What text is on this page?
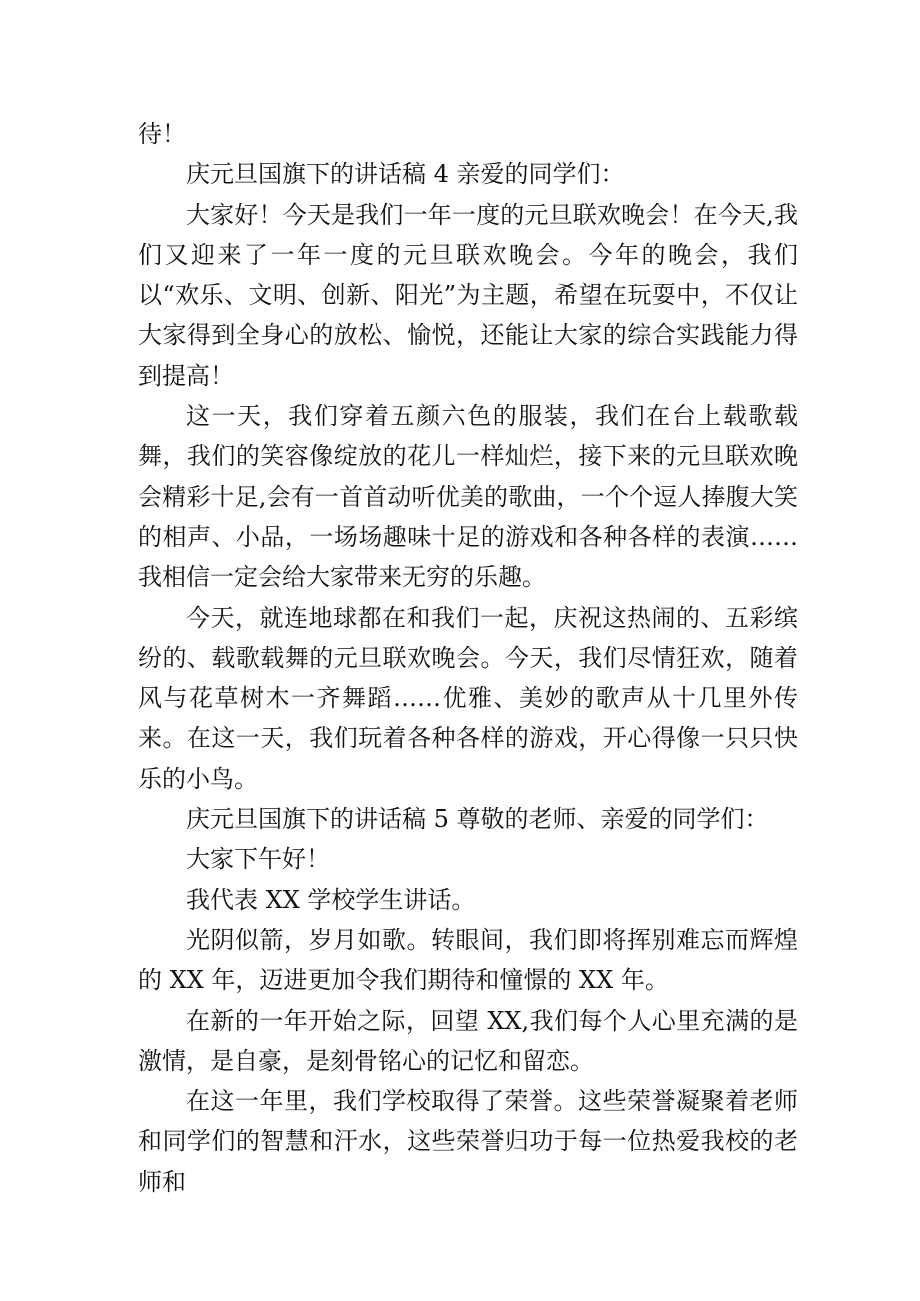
待！

庆元旦国旗下的讲话稿 4 亲爱的同学们：

大家好！今天是我们一年一度的元旦联欢晚会！在今天,我们又迎来了一年一度的元旦联欢晚会。今年的晚会，我们以“欢乐、文明、创新、阳光”为主题，希望在玩耍中，不仅让大家得到全身心的放松、愉悦，还能让大家的综合实践能力得到提高！

这一天，我们穿着五颜六色的服装，我们在台上载歌载舞，我们的笑容像绽放的花儿一样灿烂，接下来的元旦联欢晚会精彩十足,会有一首首动听优美的歌曲，一个个逗人捧腹大笑的相声、小品，一场场趣味十足的游戏和各种各样的表演……我相信一定会给大家带来无穷的乐趣。

今天，就连地球都在和我们一起，庆祝这热闹的、五彩缤纷的、载歌载舞的元旦联欢晚会。今天，我们尽情狂欢，随着风与花草树木一齐舞蹈……优雅、美妙的歌声从十几里外传来。在这一天，我们玩着各种各样的游戏，开心得像一只只快乐的小鸟。

庆元旦国旗下的讲话稿 5 尊敬的老师、亲爱的同学们：

大家下午好！

我代表 XX 学校学生讲话。

光阴似箭，岁月如歌。转眼间，我们即将挥别难忘而辉煌的 XX 年，迈进更加令我们期待和憧憬的 XX 年。

在新的一年开始之际，回望 XX,我们每个人心里充满的是激情，是自豪，是刻骨铭心的记忆和留恋。

在这一年里，我们学校取得了荣誉。这些荣誉凝聚着老师和同学们的智慧和汗水，这些荣誉归功于每一位热爱我校的老师和
